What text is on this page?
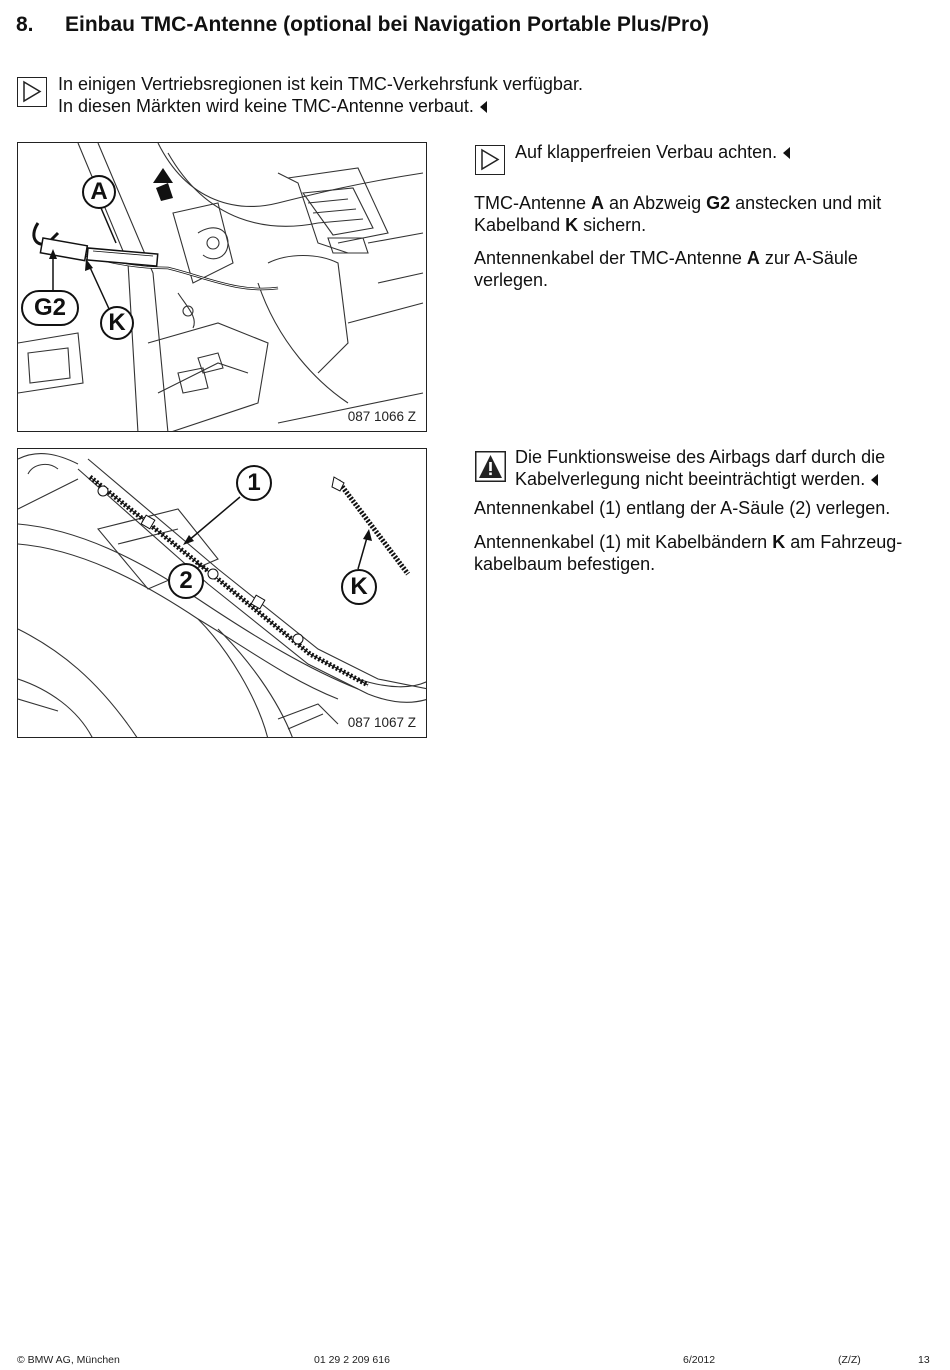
8. Einbau TMC-Antenne (optional bei Navigation Portable Plus/Pro)
In einigen Vertriebsregionen ist kein TMC-Verkehrsfunk verfügbar.
In diesen Märkten wird keine TMC-Antenne verbaut.
A
G2
K
087 1066 Z
Auf klapperfreien Verbau achten.
TMC-Antenne A an Abzweig G2 anstecken und mit
Kabelband K sichern.
Antennenkabel der TMC-Antenne A zur A-Säule
verlegen.
1
2	K
087 1067 Z
Die Funktionsweise des Airbags darf durch die
Kabelverlegung nicht beeinträchtigt werden.
Antennenkabel (1) entlang der A-Säule (2) verlegen.
Antennenkabel (1) mit Kabelbändern K am Fahrzeug-
kabelbaum befestigen.
© BMW AG, München	01 29 2 209 616	6/2012	(Z/Z)	13
